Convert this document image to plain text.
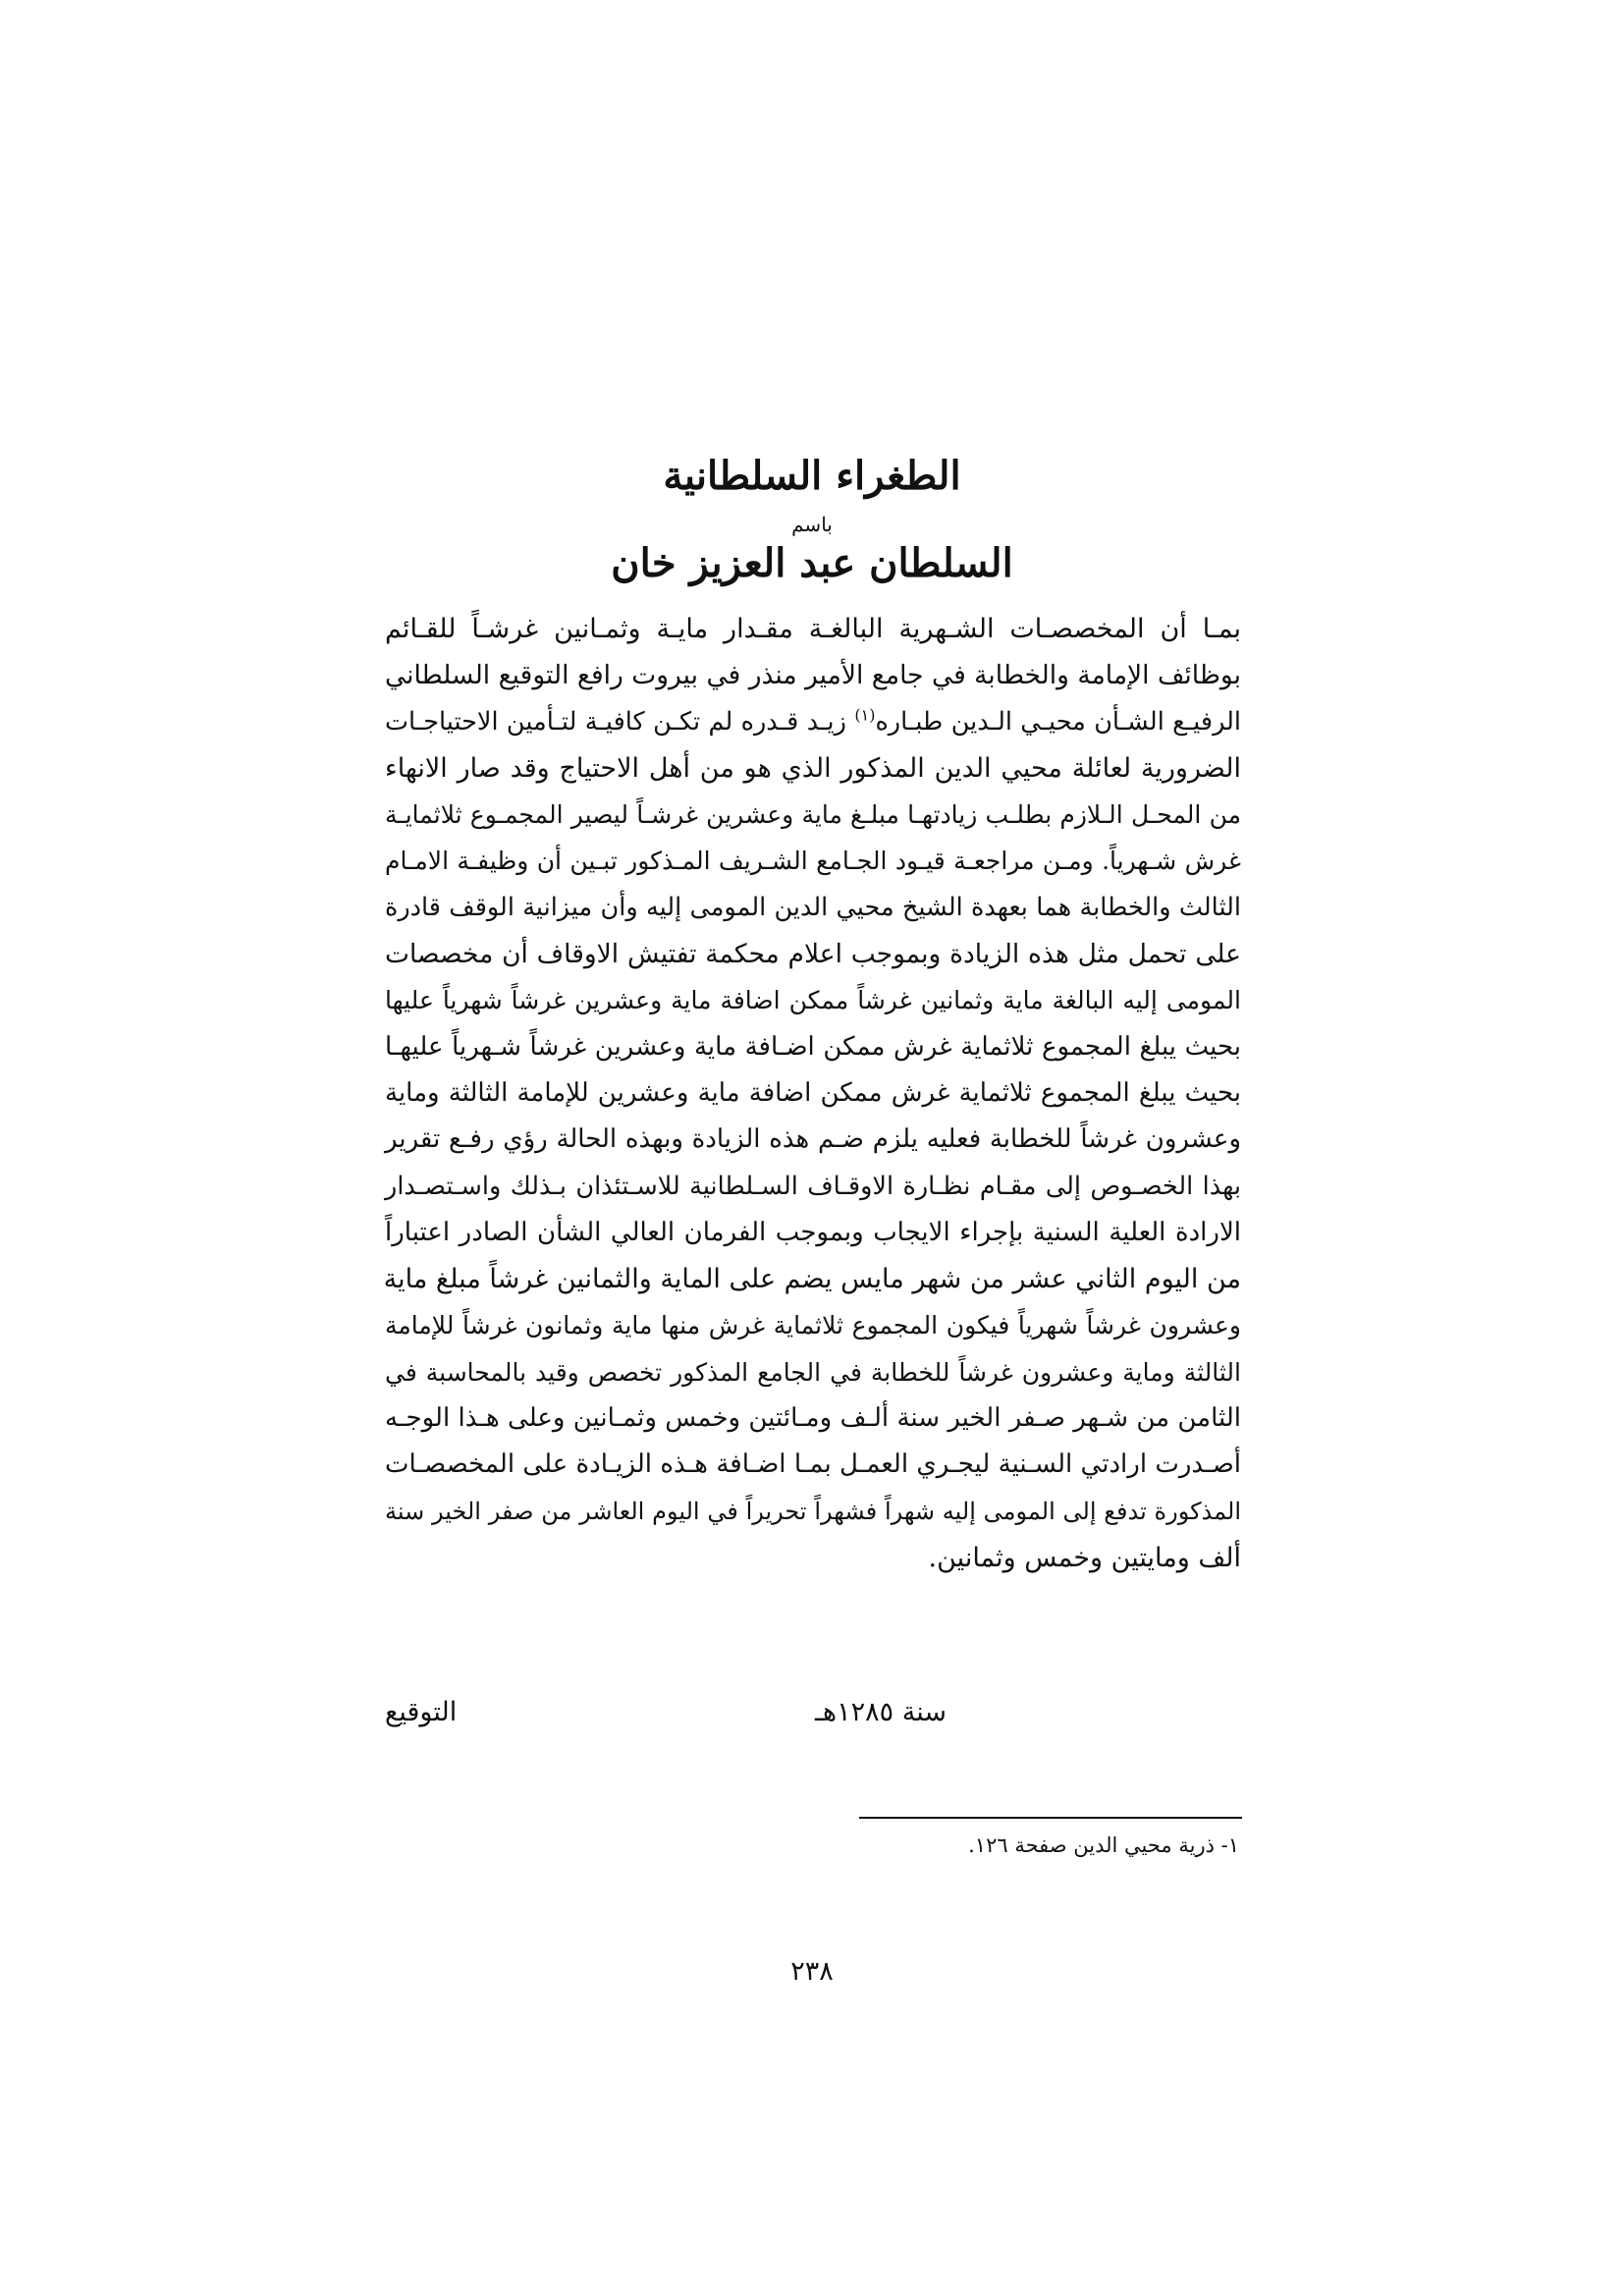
الطغراء السلطانية
باسم
السلطان عبد العزيز خان
بمـا أن المخصصـات الشـهرية البالغـة مقـدار مايـة وثمـانين غرشـاً للقـائم
بوظائف الإمامة والخطابة في جامع الأمير منذر في بيروت رافع التوقيع السلطاني
الرفيـع الشـأن محيـي الـدين طبـاره$^{(١)}$ زيـد قـدره لم تكـن كافيـة لتـأمين الاحتياجـات
الضرورية لعائلة محيي الدين المذكور الذي هو من أهل الاحتياج وقد صار الانهاء
من المحـل الـلازم بطلـب زيادتهـا مبلـغ ماية وعشرين غرشـاً ليصير المجمـوع ثلاثمايـة
غرش شـهرياً. ومـن مراجعـة قيـود الجـامع الشـريف المـذكور تبـين أن وظيفـة الامـام
الثالث والخطابة هما بعهدة الشيخ محيي الدين المومى إليه وأن ميزانية الوقف قادرة
على تحمل مثل هذه الزيادة وبموجب اعلام محكمة تفتيش الاوقاف أن مخصصات
المومى إليه البالغة ماية وثمانين غرشاً ممكن اضافة ماية وعشرين غرشاً شهرياً عليها
بحيث يبلغ المجموع ثلاثماية غرش ممكن اضـافة ماية وعشرين غرشاً شـهرياً عليهـا
بحيث يبلغ المجموع ثلاثماية غرش ممكن اضافة ماية وعشرين للإمامة الثالثة وماية
وعشرون غرشاً للخطابة فعليه يلزم ضـم هذه الزيادة وبهذه الحالة رؤي رفـع تقرير
بهذا الخصـوص إلى مقـام نظـارة الاوقـاف السـلطانية للاسـتئذان بـذلك واسـتصـدار
الارادة العلية السنية بإجراء الايجاب وبموجب الفرمان العالي الشأن الصادر اعتباراً
من اليوم الثاني عشر من شهر مايس يضم على الماية والثمانين غرشاً مبلغ ماية
وعشرون غرشاً شهرياً فيكون المجموع ثلاثماية غرش منها ماية وثمانون غرشاً للإمامة
الثالثة وماية وعشرون غرشاً للخطابة في الجامع المذكور تخصص وقيد بالمحاسبة في
الثامن من شـهر صـفر الخير سنة ألـف ومـائتين وخمس وثمـانين وعلى هـذا الوجـه
أصـدرت ارادتي السـنية ليجـري العمـل بمـا اضـافة هـذه الزيـادة على المخصصـات
المذكورة تدفع إلى المومى إليه شهراً فشهراً تحريراً في اليوم العاشر من صفر الخير سنة
ألف ومايتين وخمس وثمانين.
سنة ١٢٨٥هـ
التوقيع
١- ذرية محيي الدين صفحة ١٢٦.
٢٣٨
